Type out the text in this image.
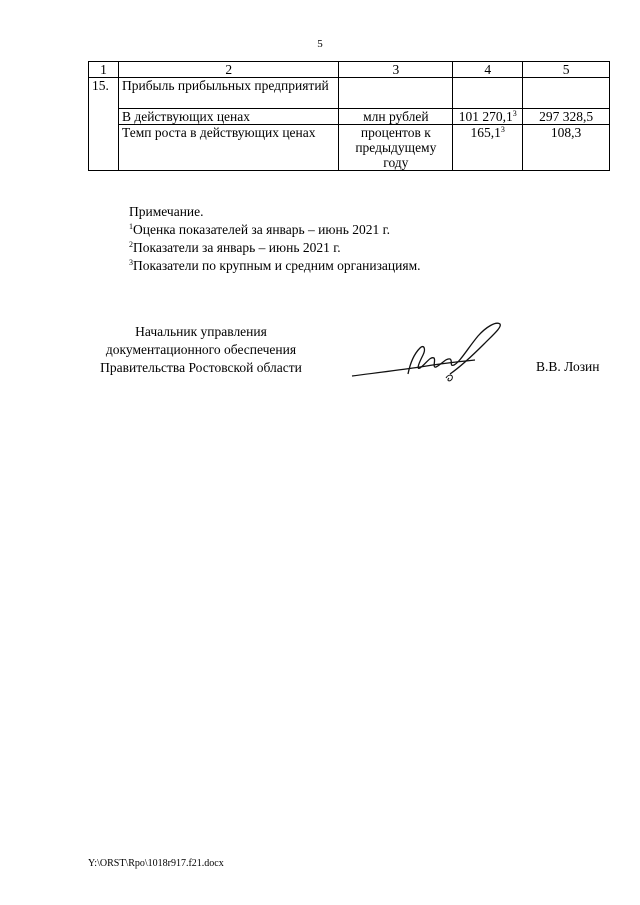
5
1	2	3	4	5
15.	Прибыль прибыльных предприятий			
	В действующих ценах	млн рублей	101 270,1$^3$	297 328,5
	Темп роста в действующих ценах	процентов к предыдущему году	165,1$^3$	108,3
Примечание.
$^1$Оценка показателей за январь – июнь 2021 г.
$^2$Показатели за январь – июнь 2021 г.
$^3$Показатели по крупным и средним организациям.
Начальник управления
документационного обеспечения
Правительства Ростовской области	В.В. Лозин
Y:\ORST\Rpo\1018r917.f21.docx
